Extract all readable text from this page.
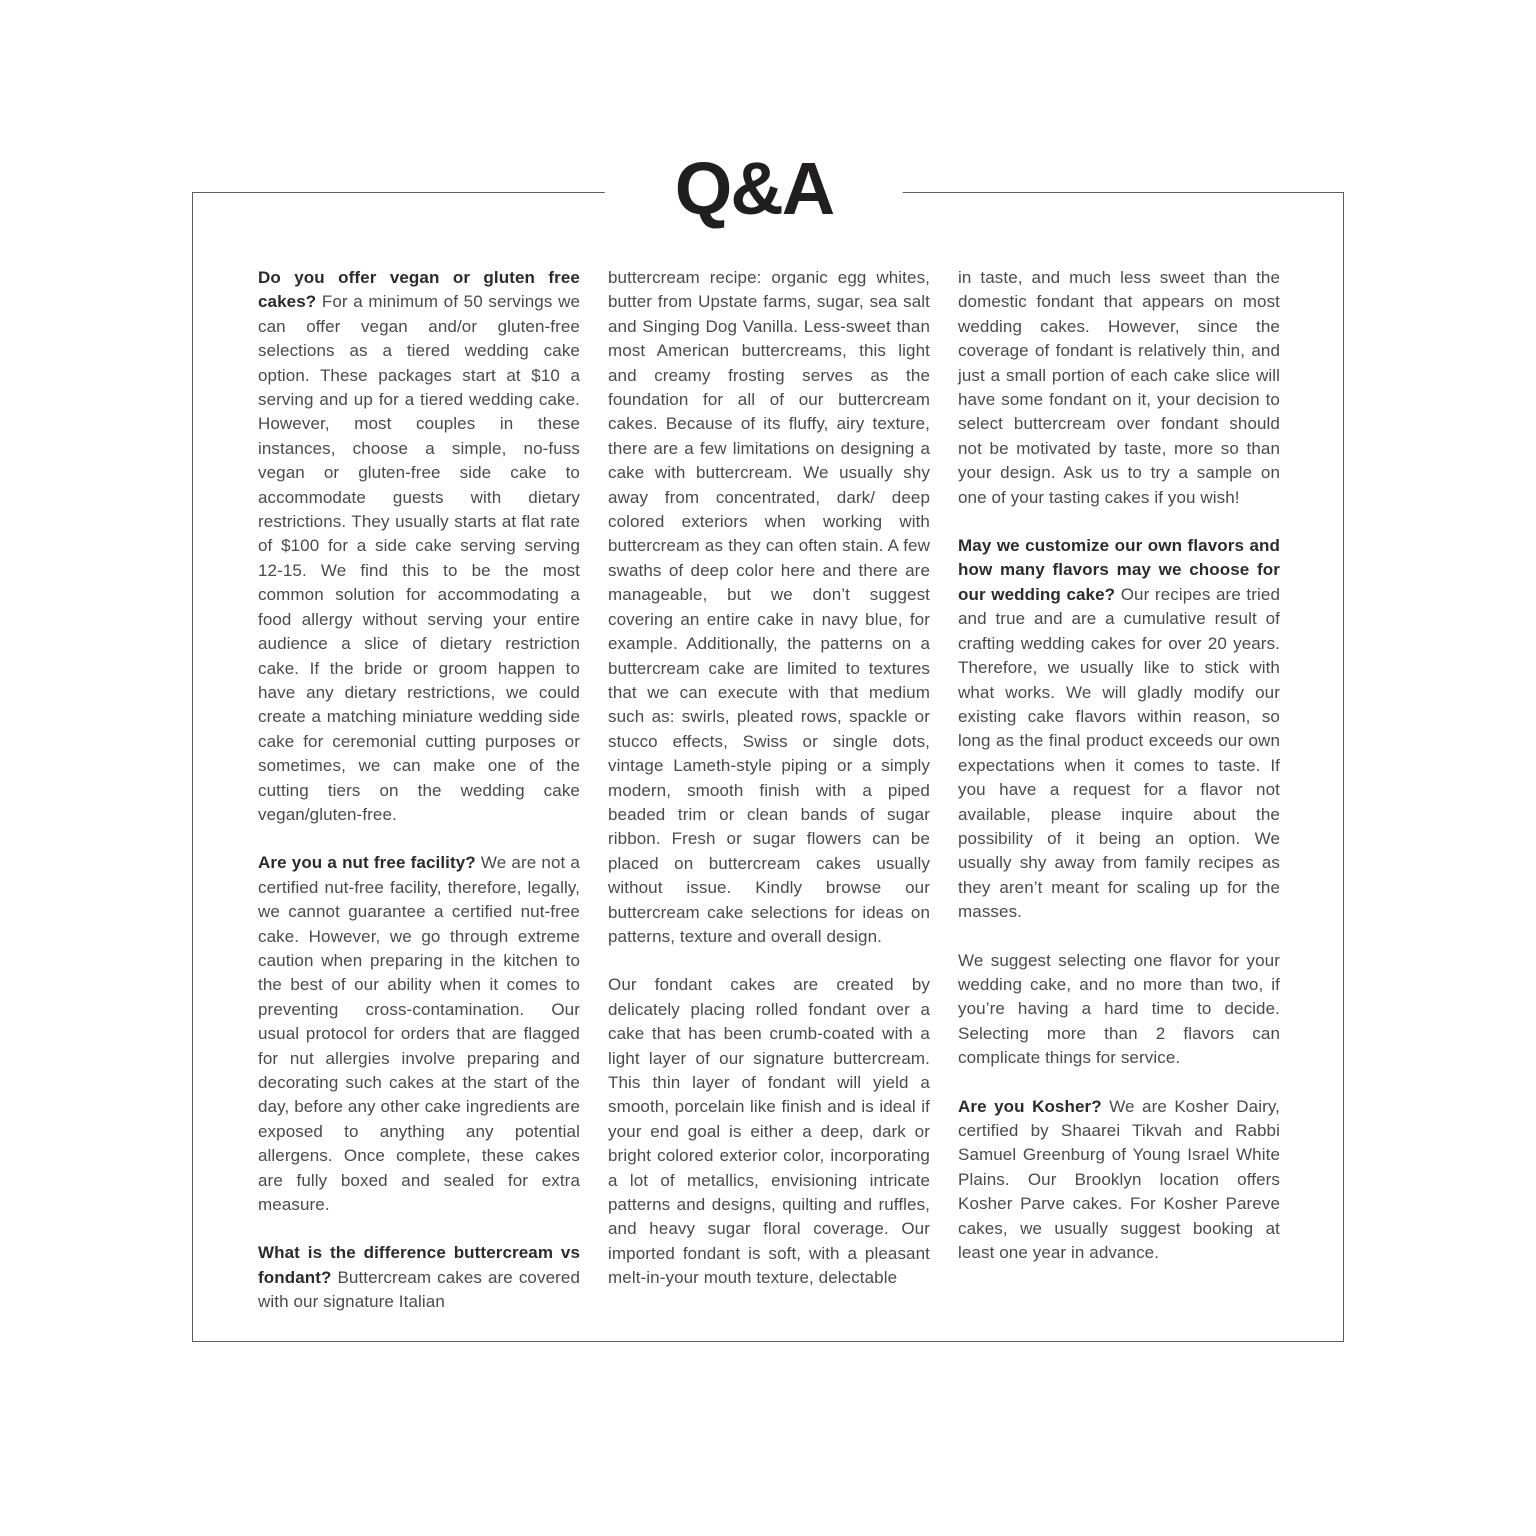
Q&A

Do you offer vegan or gluten free cakes? For a minimum of 50 servings we can offer vegan and/or gluten-free selections as a tiered wedding cake option. These packages start at $10 a serving and up for a tiered wedding cake. However, most couples in these instances, choose a simple, no-fuss vegan or gluten-free side cake to accommodate guests with dietary restrictions. They usually starts at flat rate of $100 for a side cake serving serving 12-15. We find this to be the most common solution for accommodating a food allergy without serving your entire audience a slice of dietary restriction cake. If the bride or groom happen to have any dietary restrictions, we could create a matching miniature wedding side cake for ceremonial cutting purposes or sometimes, we can make one of the cutting tiers on the wedding cake vegan/gluten-free.

Are you a nut free facility? We are not a certified nut-free facility, therefore, legally, we cannot guarantee a certified nut-free cake. However, we go through extreme caution when preparing in the kitchen to the best of our ability when it comes to preventing cross-contamination. Our usual protocol for orders that are flagged for nut allergies involve preparing and decorating such cakes at the start of the day, before any other cake ingredients are exposed to anything any potential allergens. Once complete, these cakes are fully boxed and sealed for extra measure.

What is the difference buttercream vs fondant? Buttercream cakes are covered with our signature Italian

buttercream recipe: organic egg whites, butter from Upstate farms, sugar, sea salt and Singing Dog Vanilla. Less-sweet than most American buttercreams, this light and creamy frosting serves as the foundation for all of our buttercream cakes. Because of its fluffy, airy texture, there are a few limitations on designing a cake with buttercream. We usually shy away from concentrated, dark/ deep colored exteriors when working with buttercream as they can often stain. A few swaths of deep color here and there are manageable, but we don’t suggest covering an entire cake in navy blue, for example. Additionally, the patterns on a buttercream cake are limited to textures that we can execute with that medium such as: swirls, pleated rows, spackle or stucco effects, Swiss or single dots, vintage Lameth-style piping or a simply modern, smooth finish with a piped beaded trim or clean bands of sugar ribbon. Fresh or sugar flowers can be placed on buttercream cakes usually without issue. Kindly browse our buttercream cake selections for ideas on patterns, texture and overall design.

Our fondant cakes are created by delicately placing rolled fondant over a cake that has been crumb-coated with a light layer of our signature buttercream. This thin layer of fondant will yield a smooth, porcelain like finish and is ideal if your end goal is either a deep, dark or bright colored exterior color, incorporating a lot of metallics, envisioning intricate patterns and designs, quilting and ruffles, and heavy sugar floral coverage. Our imported fondant is soft, with a pleasant melt-in-your mouth texture, delectable

in taste, and much less sweet than the domestic fondant that appears on most wedding cakes. However, since the coverage of fondant is relatively thin, and just a small portion of each cake slice will have some fondant on it, your decision to select buttercream over fondant should not be motivated by taste, more so than your design. Ask us to try a sample on one of your tasting cakes if you wish!

May we customize our own flavors and how many flavors may we choose for our wedding cake? Our recipes are tried and true and are a cumulative result of crafting wedding cakes for over 20 years. Therefore, we usually like to stick with what works. We will gladly modify our existing cake flavors within reason, so long as the final product exceeds our own expectations when it comes to taste. If you have a request for a flavor not available, please inquire about the possibility of it being an option. We usually shy away from family recipes as they aren’t meant for scaling up for the masses.

We suggest selecting one flavor for your wedding cake, and no more than two, if you’re having a hard time to decide. Selecting more than 2 flavors can complicate things for service.

Are you Kosher? We are Kosher Dairy, certified by Shaarei Tikvah and Rabbi Samuel Greenburg of Young Israel White Plains. Our Brooklyn location offers Kosher Parve cakes. For Kosher Pareve cakes, we usually suggest booking at least one year in advance.
